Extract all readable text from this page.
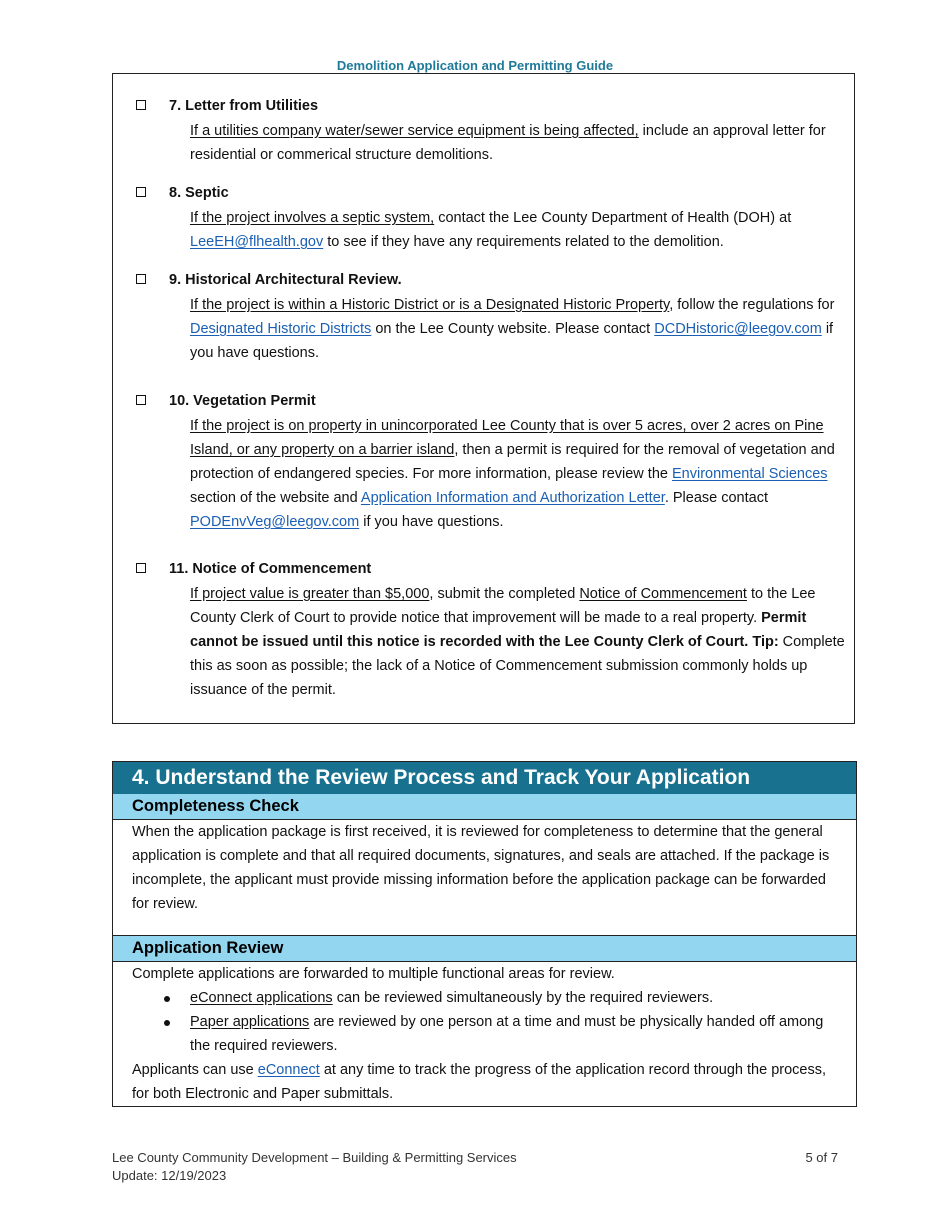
Demolition Application and Permitting Guide
7. Letter from Utilities
If a utilities company water/sewer service equipment is being affected, include an approval letter for residential or commerical structure demolitions.
8. Septic
If the project involves a septic system, contact the Lee County Department of Health (DOH) at LeeEH@flhealth.gov to see if they have any requirements related to the demolition.
9. Historical Architectural Review.
If the project is within a Historic District or is a Designated Historic Property, follow the regulations for Designated Historic Districts on the Lee County website. Please contact DCDHistoric@leegov.com if you have questions.
10. Vegetation Permit
If the project is on property in unincorporated Lee County that is over 5 acres, over 2 acres on Pine Island, or any property on a barrier island, then a permit is required for the removal of vegetation and protection of endangered species. For more information, please review the Environmental Sciences section of the website and Application Information and Authorization Letter. Please contact PODEnvVeg@leegov.com if you have questions.
11. Notice of Commencement
If project value is greater than $5,000, submit the completed Notice of Commencement to the Lee County Clerk of Court to provide notice that improvement will be made to a real property. Permit cannot be issued until this notice is recorded with the Lee County Clerk of Court. Tip: Complete this as soon as possible; the lack of a Notice of Commencement submission commonly holds up issuance of the permit.
4. Understand the Review Process and Track Your Application
Completeness Check
When the application package is first received, it is reviewed for completeness to determine that the general application is complete and that all required documents, signatures, and seals are attached. If the package is incomplete, the applicant must provide missing information before the application package can be forwarded for review.
Application Review
Complete applications are forwarded to multiple functional areas for review.
eConnect applications can be reviewed simultaneously by the required reviewers.
Paper applications are reviewed by one person at a time and must be physically handed off among the required reviewers.
Applicants can use eConnect at any time to track the progress of the application record through the process, for both Electronic and Paper submittals.
Lee County Community Development – Building & Permitting Services
Update: 12/19/2023
5 of 7
